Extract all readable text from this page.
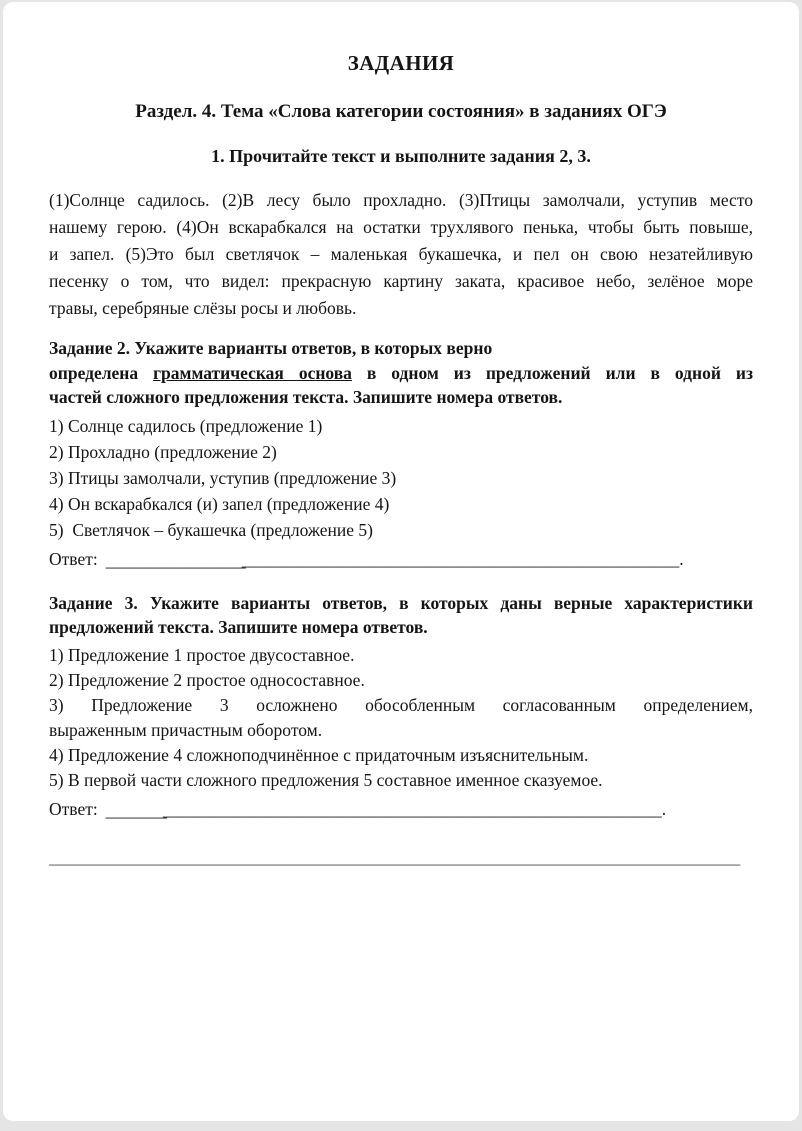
ЗАДАНИЯ
Раздел. 4. Тема «Слова категории состояния» в заданиях ОГЭ
1. Прочитайте текст и выполните задания 2, 3.
(1)Солнце садилось. (2)В лесу было прохладно. (3)Птицы замолчали, уступив место
нашему герою. (4)Он вскарабкался на остатки трухлявого пенька, чтобы быть повыше,
и запел. (5)Это был светлячок – маленькая букашечка, и пел он свою незатейливую
песенку о том, что видел: прекрасную картину заката, красивое небо, зелёное море
травы, серебряные слёзы росы и любовь.
Задание 2. Укажите варианты ответов, в которых верно
определена грамматическая основа в одном из предложений или в одной из
частей сложного предложения текста. Запишите номера ответов.
1) Солнце садилось (предложение 1)
2) Прохладно (предложение 2)
3) Птицы замолчали, уступив (предложение 3)
4) Он вскарабкался (и) запел (предложение 4)
5)  Светлячок – букашечка (предложение 5)
Ответ: __________________________________________________________________.
Задание 3. Укажите варианты ответов, в которых даны верные характеристики
предложений текста. Запишите номера ответов.
1) Предложение 1 простое двусоставное.
2) Предложение 2 простое односоставное.
3) Предложение 3 осложнено обособленным согласованным определением,
выраженным причастным оборотом.
4) Предложение 4 сложноподчинённое с придаточным изъяснительным.
5) В первой части сложного предложения 5 составное именное сказуемое.
Ответ: ________________________________________________________________.
_______________________________________________________________________________
